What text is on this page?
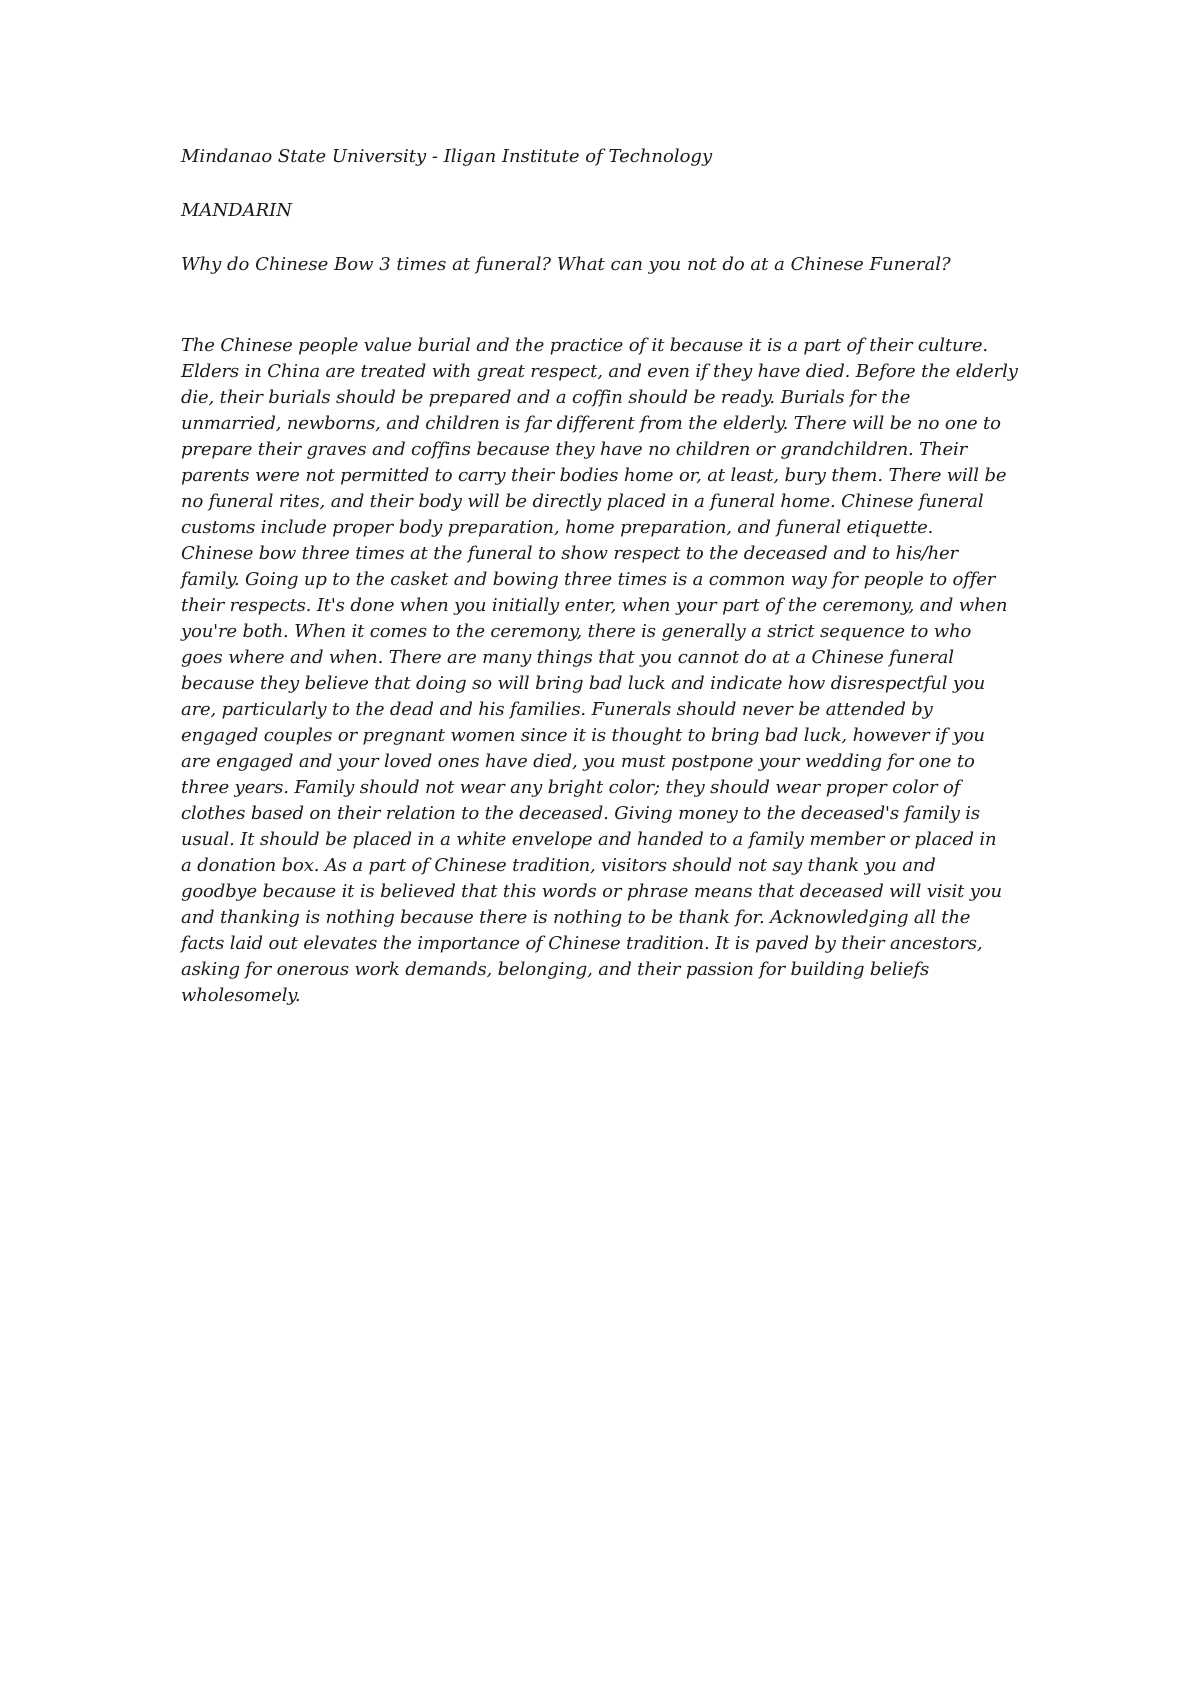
Mindanao State University - Iligan Institute of Technology

MANDARIN

Why do Chinese Bow 3 times at funeral? What can you not do at a Chinese Funeral?

The Chinese people value burial and the practice of it because it is a part of their culture.
Elders in China are treated with great respect, and even if they have died. Before the elderly
die, their burials should be prepared and a coffin should be ready. Burials for the
unmarried, newborns, and children is far different from the elderly. There will be no one to
prepare their graves and coffins because they have no children or grandchildren. Their
parents were not permitted to carry their bodies home or, at least, bury them. There will be
no funeral rites, and their body will be directly placed in a funeral home. Chinese funeral
customs include proper body preparation, home preparation, and funeral etiquette.
Chinese bow three times at the funeral to show respect to the deceased and to his/her
family. Going up to the casket and bowing three times is a common way for people to offer
their respects. It's done when you initially enter, when your part of the ceremony, and when
you're both. When it comes to the ceremony, there is generally a strict sequence to who
goes where and when. There are many things that you cannot do at a Chinese funeral
because they believe that doing so will bring bad luck and indicate how disrespectful you
are, particularly to the dead and his families. Funerals should never be attended by
engaged couples or pregnant women since it is thought to bring bad luck, however if you
are engaged and your loved ones have died, you must postpone your wedding for one to
three years. Family should not wear any bright color; they should wear proper color of
clothes based on their relation to the deceased. Giving money to the deceased's family is
usual. It should be placed in a white envelope and handed to a family member or placed in
a donation box. As a part of Chinese tradition, visitors should not say thank you and
goodbye because it is believed that this words or phrase means that deceased will visit you
and thanking is nothing because there is nothing to be thank for. Acknowledging all the
facts laid out elevates the importance of Chinese tradition. It is paved by their ancestors,
asking for onerous work demands, belonging, and their passion for building beliefs
wholesomely.
